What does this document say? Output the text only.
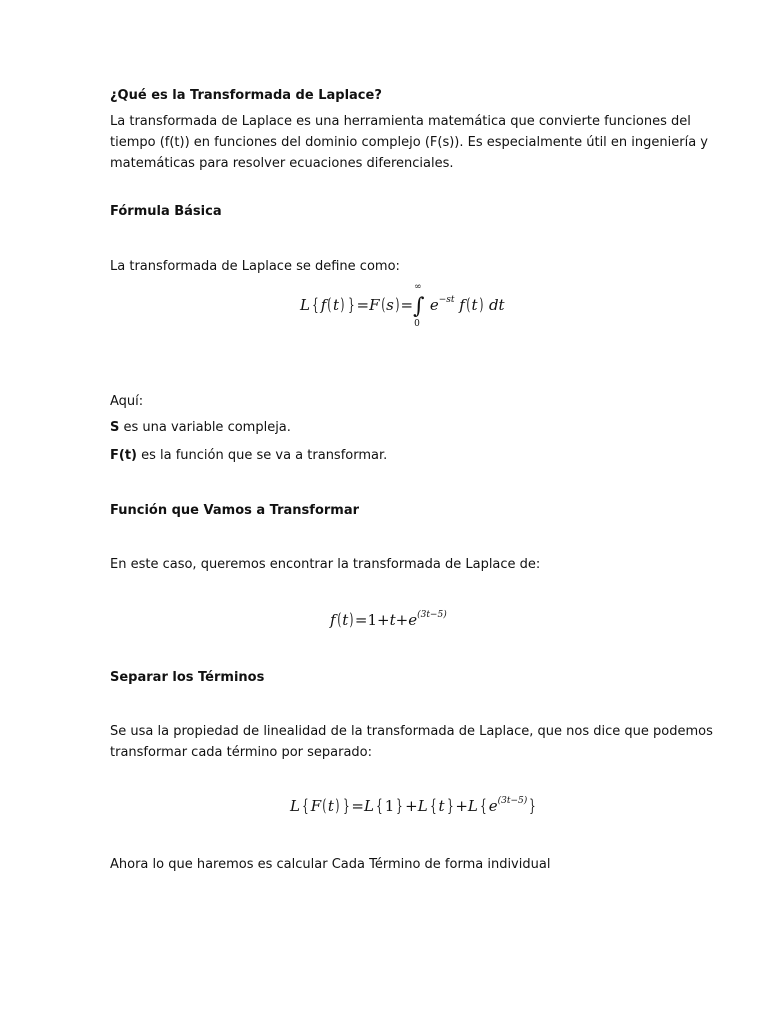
¿Qué es la Transformada de Laplace?
La transformada de Laplace es una herramienta matemática que convierte funciones del
tiempo (f(t)) en funciones del dominio complejo (F(s)). Es especialmente útil en ingeniería y
matemáticas para resolver ecuaciones diferenciales.
Fórmula Básica
La transformada de Laplace se define como:
L { f(t) } =F(s)=∫
∞
0
$e^{-st}$ f(t) dt
Aquí:
S es una variable compleja.
F(t) es la función que se va a transformar.
Función que Vamos a Transformar
En este caso, queremos encontrar la transformada de Laplace de:
$f(t)=1+t+e^{(3t-5)}$
Separar los Términos
Se usa la propiedad de linealidad de la transformada de Laplace, que nos dice que podemos
transformar cada término por separado:
L { F(t) } =L { 1 } +L { t } +L { $e^{(3t-5)}$ }
Ahora lo que haremos es calcular Cada Término de forma individual
